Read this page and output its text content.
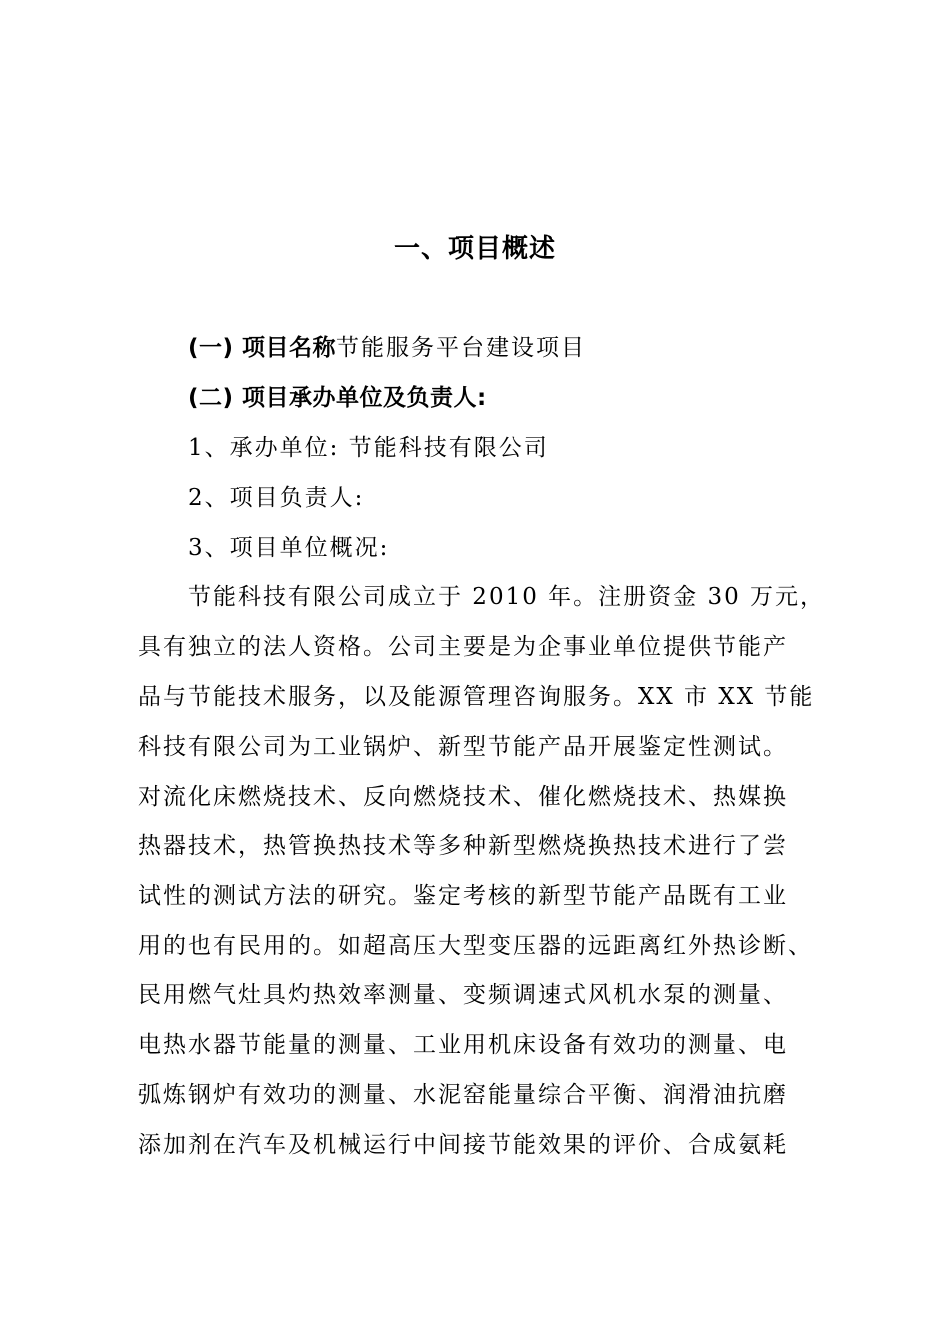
一、项目概述
(一) 项目名称节能服务平台建设项目
(二) 项目承办单位及负责人:
1、承办单位: 节能科技有限公司
2、项目负责人:
3、项目单位概况:
节能科技有限公司成立于 2010 年。注册资金 30 万元，
具有独立的法人资格。公司主要是为企事业单位提供节能产
品与节能技术服务，以及能源管理咨询服务。XX 市 XX 节能
科技有限公司为工业锅炉、新型节能产品开展鉴定性测试。
对流化床燃烧技术、反向燃烧技术、催化燃烧技术、热媒换
热器技术，热管换热技术等多种新型燃烧换热技术进行了尝
试性的测试方法的研究。鉴定考核的新型节能产品既有工业
用的也有民用的。如超高压大型变压器的远距离红外热诊断、
民用燃气灶具灼热效率测量、变频调速式风机水泵的测量、
电热水器节能量的测量、工业用机床设备有效功的测量、电
弧炼钢炉有效功的测量、水泥窑能量综合平衡、润滑油抗磨
添加剂在汽车及机械运行中间接节能效果的评价、合成氨耗
